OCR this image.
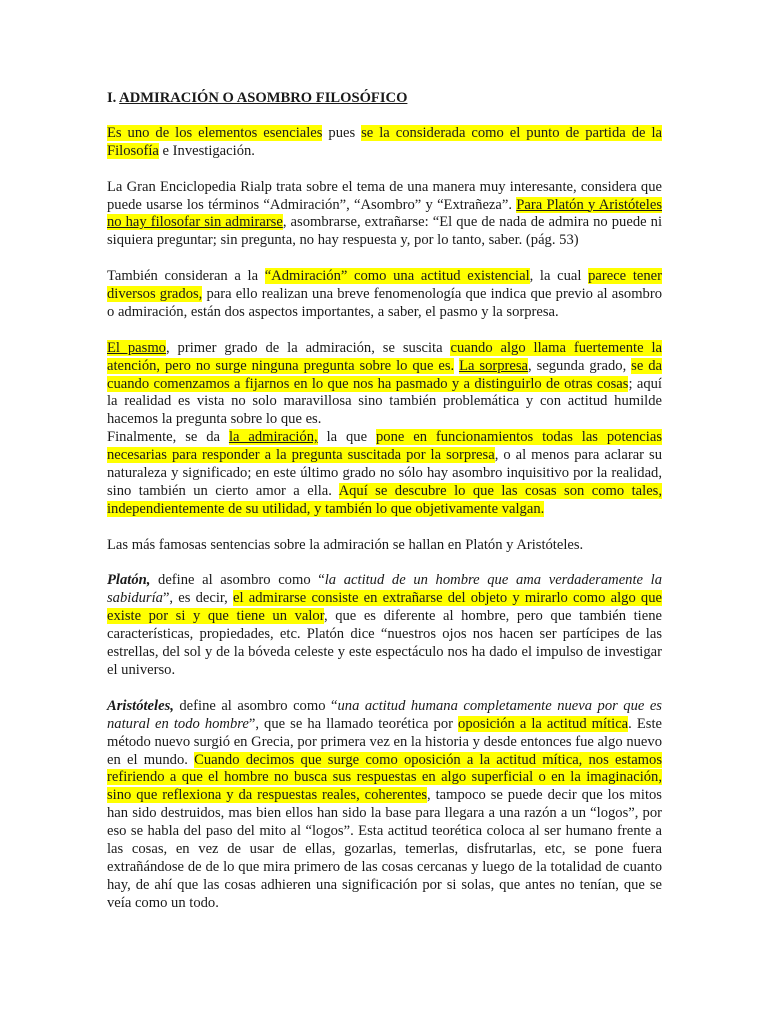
I. ADMIRACIÓN O ASOMBRO FILOSÓFICO

Es uno de los elementos esenciales pues se la considerada como el punto de partida de la Filosofía e Investigación.

La Gran Enciclopedia Rialp trata sobre el tema de una manera muy interesante, considera que puede usarse los términos “Admiración”, “Asombro” y “Extrañeza”. Para Platón y Aristóteles no hay filosofar sin admirarse, asombrarse, extrañarse: “El que de nada de admira no puede ni siquiera preguntar; sin pregunta, no hay respuesta y, por lo tanto, saber. (pág. 53)

También consideran a la “Admiración” como una actitud existencial, la cual parece tener diversos grados, para ello realizan una breve fenomenología que indica que previo al asombro o admiración, están dos aspectos importantes, a saber, el pasmo y la sorpresa.

El pasmo, primer grado de la admiración, se suscita cuando algo llama fuertemente la atención, pero no surge ninguna pregunta sobre lo que es. La sorpresa, segunda grado, se da cuando comenzamos a fijarnos en lo que nos ha pasmado y a distinguirlo de otras cosas; aquí la realidad es vista no solo maravillosa sino también problemática y con actitud humilde hacemos la pregunta sobre lo que es.

Finalmente, se da la admiración, la que pone en funcionamientos todas las potencias necesarias para responder a la pregunta suscitada por la sorpresa, o al menos para aclarar su naturaleza y significado; en este último grado no sólo hay asombro inquisitivo por la realidad, sino también un cierto amor a ella. Aquí se descubre lo que las cosas son como tales, independientemente de su utilidad, y también lo que objetivamente valgan.

Las más famosas sentencias sobre la admiración se hallan en Platón y Aristóteles.

Platón, define al asombro como “la actitud de un hombre que ama verdaderamente la sabiduría”, es decir, el admirarse consiste en extrañarse del objeto y mirarlo como algo que existe por si y que tiene un valor, que es diferente al hombre, pero que también tiene características, propiedades, etc. Platón dice “nuestros ojos nos hacen ser partícipes de las estrellas, del sol y de la bóveda celeste y este espectáculo nos ha dado el impulso de investigar el universo.

Aristóteles, define al asombro como “una actitud humana completamente nueva por que es natural en todo hombre”, que se ha llamado teorética por oposición a la actitud mítica. Este método nuevo surgió en Grecia, por primera vez en la historia y desde entonces fue algo nuevo en el mundo. Cuando decimos que surge como oposición a la actitud mítica, nos estamos refiriendo a que el hombre no busca sus respuestas en algo superficial o en la imaginación, sino que reflexiona y da respuestas reales, coherentes, tampoco se puede decir que los mitos han sido destruidos, mas bien ellos han sido la base para llegara a una razón a un “logos”, por eso se habla del paso del mito al “logos”. Esta actitud teorética coloca al ser humano frente a las cosas, en vez de usar de ellas, gozarlas, temerlas, disfrutarlas, etc, se pone fuera extrañándose de de lo que mira primero de las cosas cercanas y luego de la totalidad de cuanto hay, de ahí que las cosas adhieren una significación por si solas, que antes no tenían, que se veía como un todo.
